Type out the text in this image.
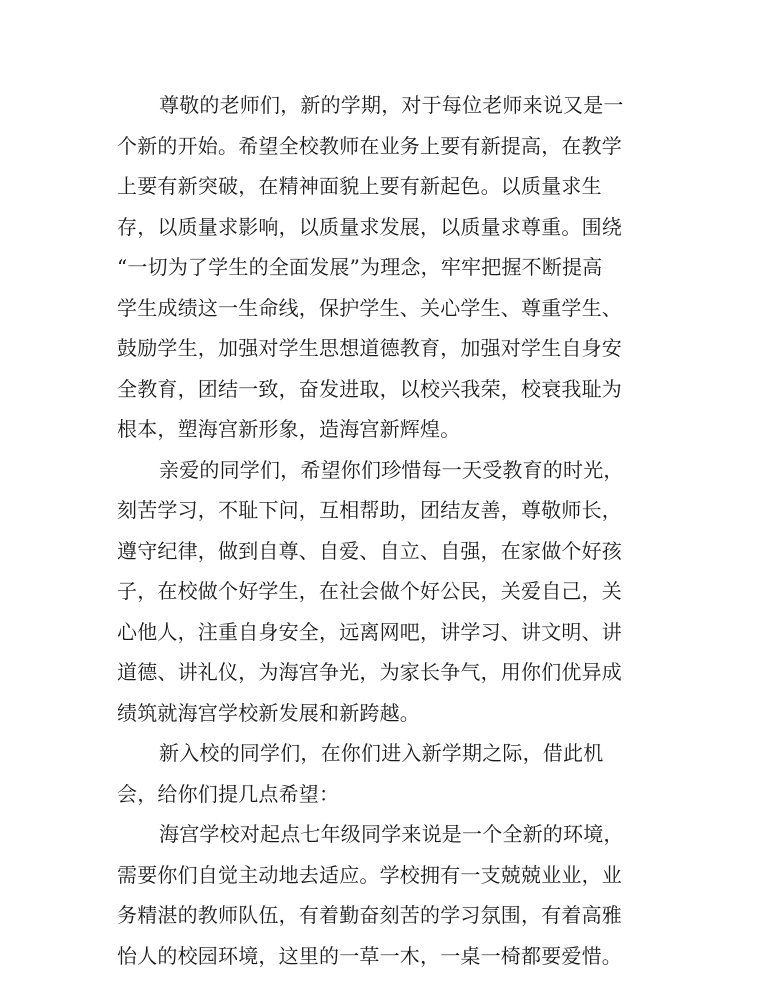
尊敬的老师们，新的学期，对于每位老师来说又是一
个新的开始。希望全校教师在业务上要有新提高，在教学
上要有新突破，在精神面貌上要有新起色。以质量求生
存，以质量求影响，以质量求发展，以质量求尊重。围绕
“一切为了学生的全面发展”为理念，牢牢把握不断提高
学生成绩这一生命线，保护学生、关心学生、尊重学生、
鼓励学生，加强对学生思想道德教育，加强对学生自身安
全教育，团结一致，奋发进取，以校兴我荣，校衰我耻为
根本，塑海宫新形象，造海宫新辉煌。
亲爱的同学们，希望你们珍惜每一天受教育的时光，
刻苦学习，不耻下问，互相帮助，团结友善，尊敬师长，
遵守纪律，做到自尊、自爱、自立、自强，在家做个好孩
子，在校做个好学生，在社会做个好公民，关爱自己，关
心他人，注重自身安全，远离网吧，讲学习、讲文明、讲
道德、讲礼仪，为海宫争光，为家长争气，用你们优异成
绩筑就海宫学校新发展和新跨越。
新入校的同学们，在你们进入新学期之际，借此机
会，给你们提几点希望：
海宫学校对起点七年级同学来说是一个全新的环境，
需要你们自觉主动地去适应。学校拥有一支兢兢业业，业
务精湛的教师队伍，有着勤奋刻苦的学习氛围，有着高雅
怡人的校园环境，这里的一草一木，一桌一椅都要爱惜。
